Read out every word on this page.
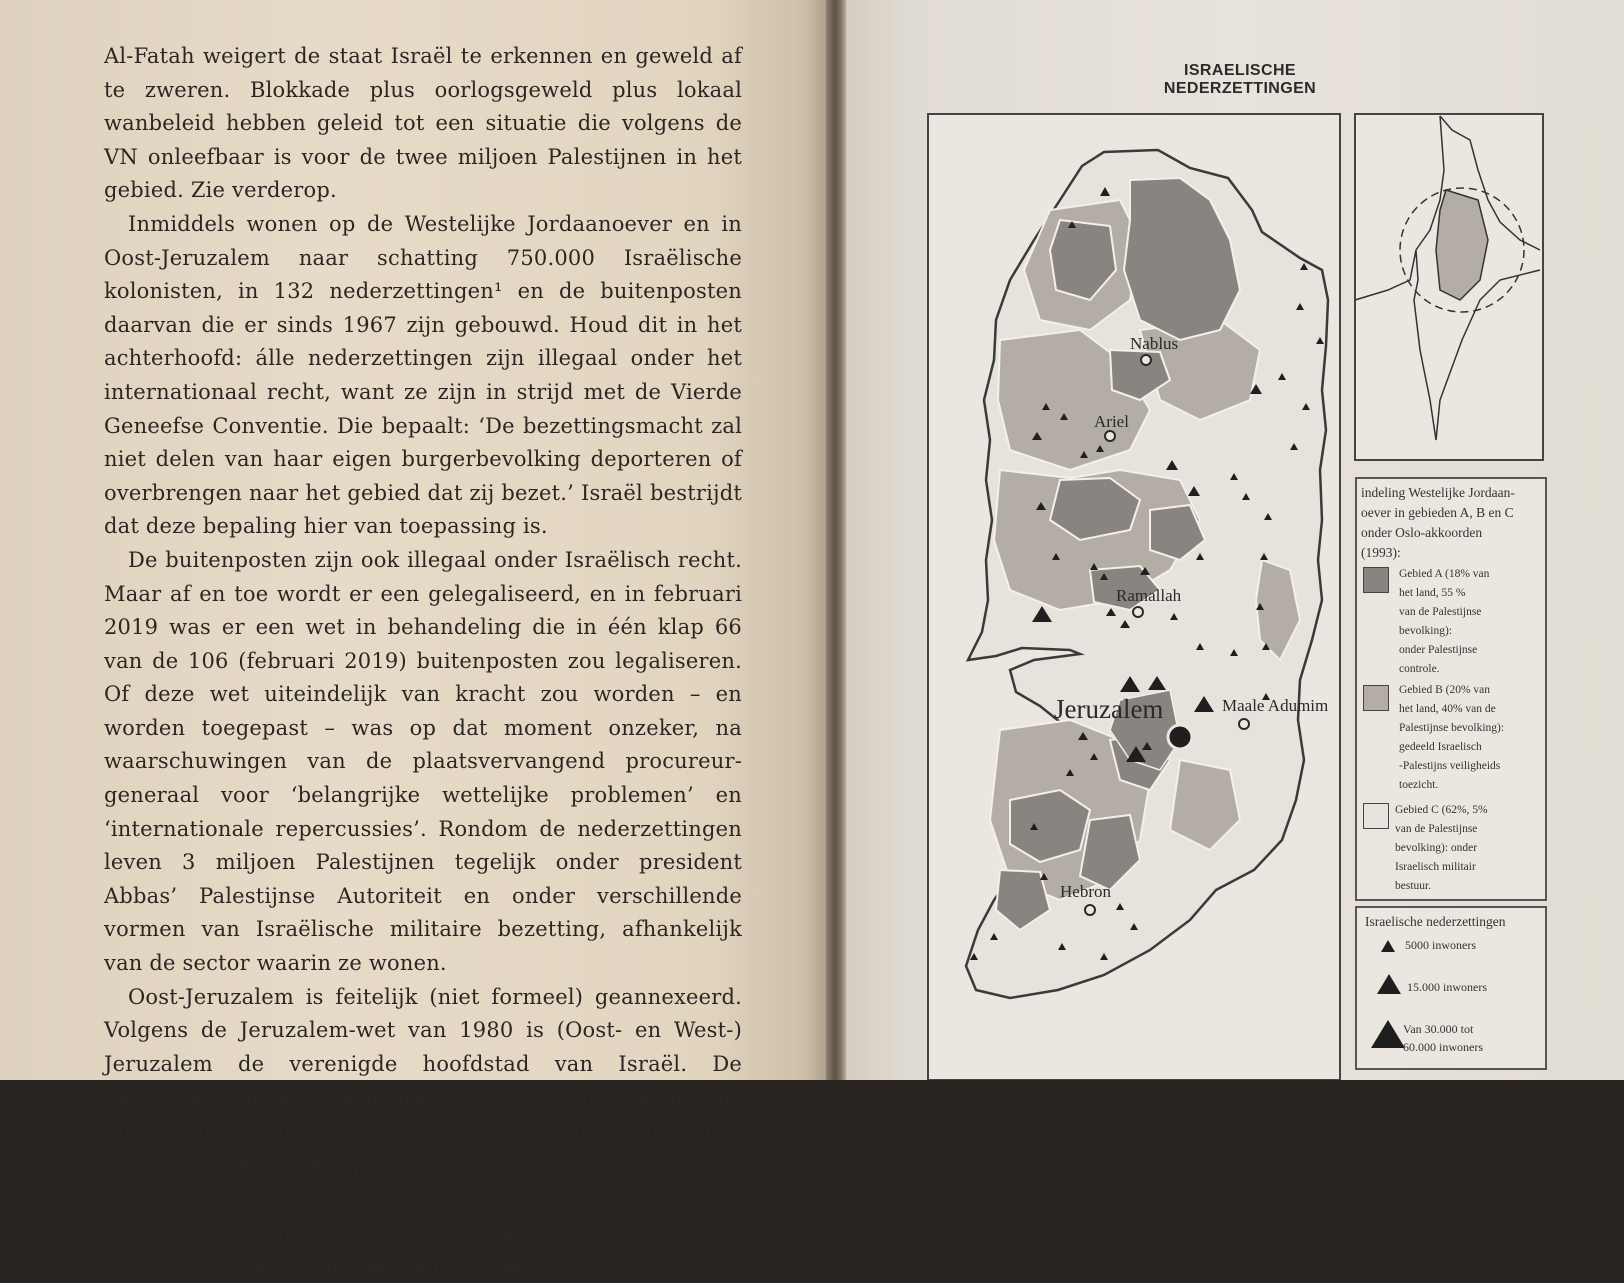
Al-Fatah weigert de staat Israël te erkennen en geweld af te zweren. Blokkade plus oorlogsgeweld plus lokaal wanbeleid hebben geleid tot een situatie die volgens de VN onleefbaar is voor de twee miljoen Palestijnen in het gebied. Zie verderop.

Inmiddels wonen op de Westelijke Jordaanoever en in Oost-Jeruzalem naar schatting 750.000 Israëlische kolonisten, in 132 nederzettingen¹ en de buitenposten daarvan die er sinds 1967 zijn gebouwd. Houd dit in het achterhoofd: álle nederzettingen zijn illegaal onder het internationaal recht, want ze zijn in strijd met de Vierde Geneefse Conventie. Die bepaalt: ‘De bezettingsmacht zal niet delen van haar eigen burgerbevolking deporteren of overbrengen naar het gebied dat zij bezet.’ Israël bestrijdt dat deze bepaling hier van toepassing is.

De buitenposten zijn ook illegaal onder Israëlisch recht. Maar af en toe wordt er een gelegaliseerd, en in februari 2019 was er een wet in behandeling die in één klap 66 van de 106 (februari 2019) buitenposten zou legaliseren. Of deze wet uiteindelijk van kracht zou worden – en worden toegepast – was op dat moment onzeker, na waarschuwingen van de plaatsvervangend procureur-generaal voor ‘belangrijke wettelijke problemen’ en ‘internationale repercussies’. Rondom de nederzettingen leven 3 miljoen Palestijnen tegelijk onder president Abbas’ Palestijnse Autoriteit en onder verschillende vormen van Israëlische militaire bezetting, afhankelijk van de sector waarin ze wonen.

Oost-Jeruzalem is feitelijk (niet formeel) geannexeerd. Volgens de Jeruzalem-wet van 1980 is (Oost- en West-) Jeruzalem de verenigde hoofdstad van Israël. De Palestijnen maken aanspraak op Oost-Jeruzalem als hoofdstad van hun (toekomstige) staat. De hele Palestijnse kwestie is moeilijk op te lossen; maar daarbinnen is Jeruzalem weer een van de allermoeilijkste problemen. Trumps erkenning van Jeruzalem als Israëls hoofdstad heeft dat probleem niet kleiner gemaakt.

ISRAELISCHE NEDERZETTINGEN
Nablus
Ariel
Ramallah
Jeruzalem	Maale Adumim
Hebron
indeling Westelijke Jordaan-
oever in gebieden A, B en C
onder Oslo-akkoorden
(1993):
Gebied A (18% van
het land, 55 %
van de Palestijnse
bevolking):
onder Palestijnse
controle.
Gebied B (20% van
het land, 40% van de
Palestijnse bevolking):
gedeeld Israelisch
-Palestijns veiligheids
toezicht.
Gebied C (62%, 5%
van de Palestijnse
bevolking): onder
Israelisch militair
bestuur.
Israelische nederzettingen
5000 inwoners
15.000 inwoners
Van 30.000 tot
60.000 inwoners
